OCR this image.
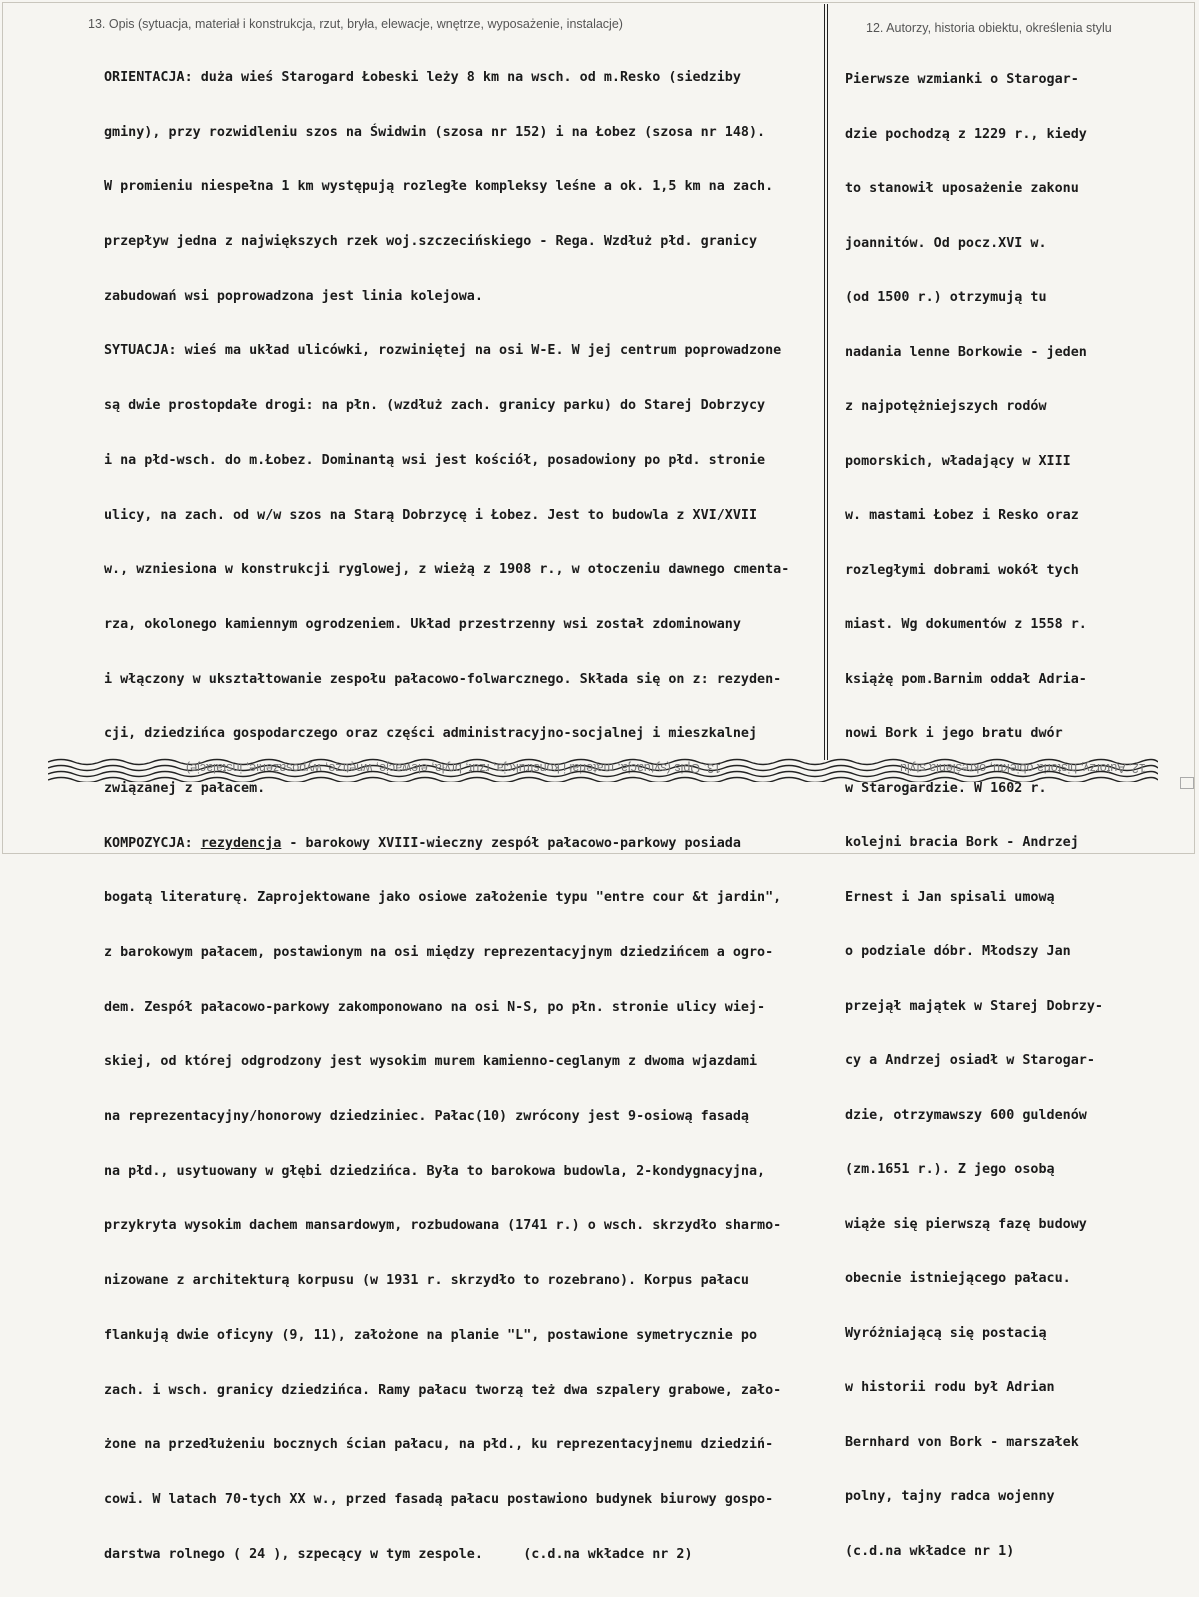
13. Opis (sytuacja, materiał i konstrukcja, rzut, bryła, elewacje, wnętrze, wyposażenie, instalacje)	12. Autorzy, historia obiektu, określenia stylu

ORIENTACJA: duża wieś Starogard Łobeski leży 8 km na wsch. od m.Resko (siedziby

gminy), przy rozwidleniu szos na Świdwin (szosa nr 152) i na Łobez (szosa nr 148).

W promieniu niespełna 1 km występują rozległe kompleksy leśne a ok. 1,5 km na zach.

przepływ jedna z największych rzek woj.szczecińskiego - Rega. Wzdłuż płd. granicy

zabudowań wsi poprowadzona jest linia kolejowa.

SYTUACJA: wieś ma układ ulicówki, rozwiniętej na osi W-E. W jej centrum poprowadzone

są dwie prostopdałe drogi: na płn. (wzdłuż zach. granicy parku) do Starej Dobrzycy

i na płd-wsch. do m.Łobez. Dominantą wsi jest kościół, posadowiony po płd. stronie

ulicy, na zach. od w/w szos na Starą Dobrzycę i Łobez. Jest to budowla z XVI/XVII

w., wzniesiona w konstrukcji ryglowej, z wieżą z 1908 r., w otoczeniu dawnego cmenta-

rza, okolonego kamiennym ogrodzeniem. Układ przestrzenny wsi został zdominowany

i włączony w ukształtowanie zespołu pałacowo-folwarcznego. Składa się on z: rezyden-

cji, dziedzińca gospodarczego oraz części administracyjno-socjalnej i mieszkalnej

związanej z pałacem.

KOMPOZYCJA: rezydencja - barokowy XVIII-wieczny zespół pałacowo-parkowy posiada

bogatą literaturę. Zaprojektowane jako osiowe założenie typu "entre cour &t jardin",

z barokowym pałacem, postawionym na osi między reprezentacyjnym dziedzińcem a ogro-

dem. Zespół pałacowo-parkowy zakomponowano na osi N-S, po płn. stronie ulicy wiej-

skiej, od której odgrodzony jest wysokim murem kamienno-ceglanym z dwoma wjazdami

na reprezentacyjny/honorowy dziedziniec. Pałac(10) zwrócony jest 9-osiową fasadą

na płd., usytuowany w głębi dziedzińca. Była to barokowa budowla, 2-kondygnacyjna,

przykryta wysokim dachem mansardowym, rozbudowana (1741 r.) o wsch. skrzydło sharmo-

nizowane z architekturą korpusu (w 1931 r. skrzydło to rozebrano). Korpus pałacu

flankują dwie oficyny (9, 11), założone na planie "L", postawione symetrycznie po

zach. i wsch. granicy dziedzińca. Ramy pałacu tworzą też dwa szpalery grabowe, zało-

żone na przedłużeniu bocznych ścian pałacu, na płd., ku reprezentacyjnemu dziedziń-

cowi. W latach 70-tych XX w., przed fasadą pałacu postawiono budynek biurowy gospo-

darstwa rolnego ( 24 ), szpecący w tym zespole.     (c.d.na wkładce nr 2)

Pierwsze wzmianki o Starogar-

dzie pochodzą z 1229 r., kiedy

to stanowił uposażenie zakonu

joannitów. Od pocz.XVI w.

(od 1500 r.) otrzymują tu

nadania lenne Borkowie - jeden

z najpotężniejszych rodów

pomorskich, władający w XIII

w. mastami Łobez i Resko oraz

rozległymi dobrami wokół tych

miast. Wg dokumentów z 1558 r.

książę pom.Barnim oddał Adria-

nowi Bork i jego bratu dwór

w Starogardzie. W 1602 r.

kolejni bracia Bork - Andrzej

Ernest i Jan spisali umową

o podziale dóbr. Młodszy Jan

przejął majątek w Starej Dobrzy-

cy a Andrzej osiadł w Starogar-

dzie, otrzymawszy 600 guldenów

(zm.1651 r.). Z jego osobą

wiąże się pierwszą fazę budowy

obecnie istniejącego pałacu.

Wyróżniającą się postacią

w historii rodu był Adrian

Bernhard von Bork - marszałek

polny, tajny radca wojenny

(c.d.na wkładce nr 1)

13. Opis (sytuacja, materiał i konstrukcja, rzut, bryła, elewacje, wnętrze, wyposażenie, instalacje)	12. Autorzy, historia obiektu, określenia stylu
